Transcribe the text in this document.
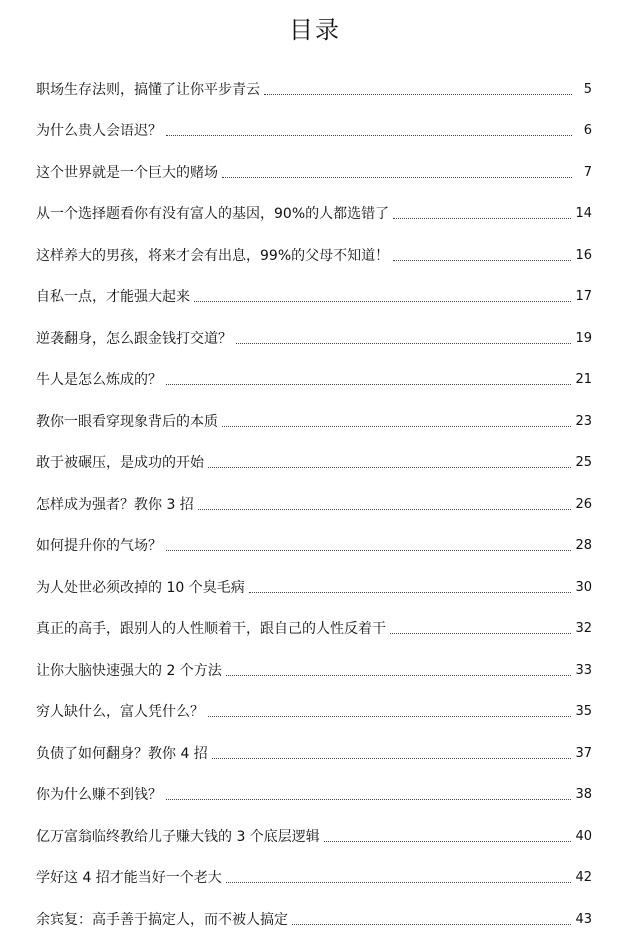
目录
职场生存法则，搞懂了让你平步青云	5
为什么贵人会语迟？	6
这个世界就是一个巨大的赌场	7
从一个选择题看你有没有富人的基因，90%的人都选错了	14
这样养大的男孩，将来才会有出息，99%的父母不知道！	16
自私一点，才能强大起来	17
逆袭翻身，怎么跟金钱打交道？	19
牛人是怎么炼成的？	21
教你一眼看穿现象背后的本质	23
敢于被碾压，是成功的开始	25
怎样成为强者？教你 3 招	26
如何提升你的气场？	28
为人处世必须改掉的 10 个臭毛病	30
真正的高手，跟别人的人性顺着干，跟自己的人性反着干	32
让你大脑快速强大的 2 个方法	33
穷人缺什么，富人凭什么？	35
负债了如何翻身？教你 4 招	37
你为什么赚不到钱？	38
亿万富翁临终教给儿子赚大钱的 3 个底层逻辑	40
学好这 4 招才能当好一个老大	42
余宾复：高手善于搞定人，而不被人搞定	43
